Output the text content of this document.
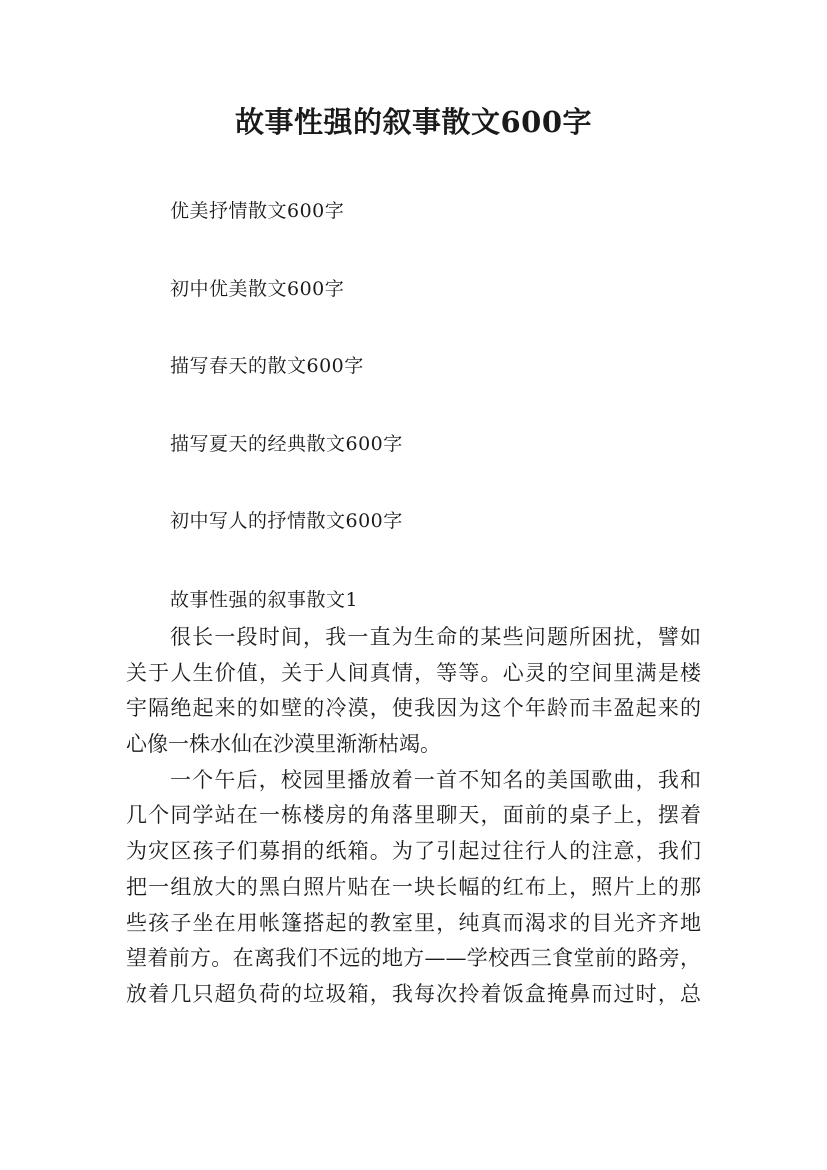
故事性强的叙事散文600字
优美抒情散文600字
初中优美散文600字
描写春天的散文600字
描写夏天的经典散文600字
初中写人的抒情散文600字
故事性强的叙事散文1
很长一段时间，我一直为生命的某些问题所困扰，譬如
关于人生价值，关于人间真情，等等。心灵的空间里满是楼
宇隔绝起来的如壁的冷漠，使我因为这个年龄而丰盈起来的
心像一株水仙在沙漠里渐渐枯竭。
一个午后，校园里播放着一首不知名的美国歌曲，我和
几个同学站在一栋楼房的角落里聊天，面前的桌子上，摆着
为灾区孩子们募捐的纸箱。为了引起过往行人的注意，我们
把一组放大的黑白照片贴在一块长幅的红布上，照片上的那
些孩子坐在用帐篷搭起的教室里，纯真而渴求的目光齐齐地
望着前方。在离我们不远的地方——学校西三食堂前的路旁，
放着几只超负荷的垃圾箱，我每次拎着饭盒掩鼻而过时，总
